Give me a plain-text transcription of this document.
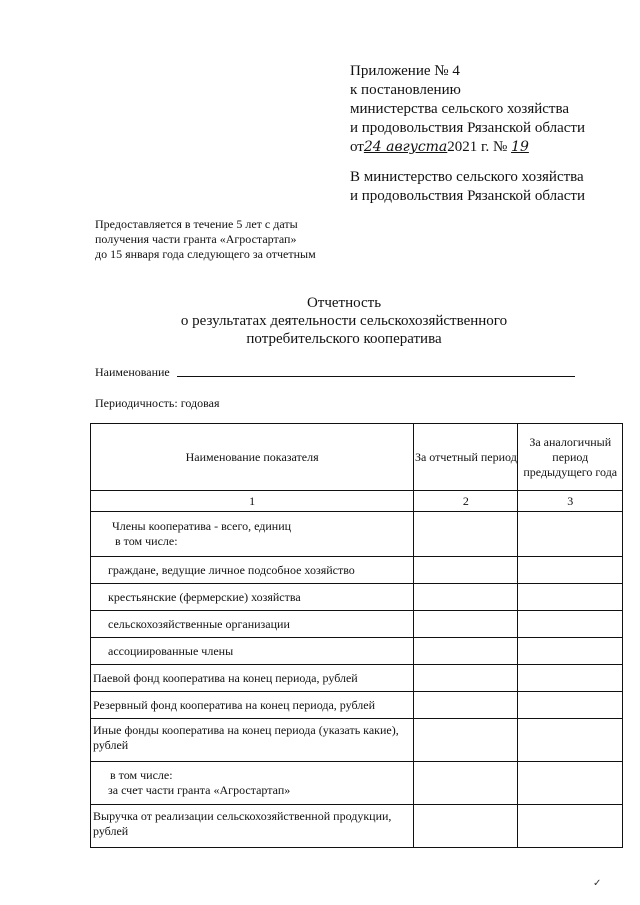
Приложение № 4
к постановлению
министерства сельского хозяйства
и продовольствия Рязанской области
от24 августа2021 г. № 19
В министерство сельского хозяйства
и продовольствия Рязанской области
Предоставляется в течение 5 лет с даты
получения части гранта «Агростартап»
до 15 января года следующего за отчетным
Отчетность
о результатах деятельности сельскохозяйственного
потребительского кооператива
Наименование
Периодичность: годовая
Наименование показателя	За отчетный период	За аналогичный период предыдущего года
1	2	3

Члены кооператива - всего, единиц
в том числе:		

граждане, ведущие личное подсобное хозяйство		
крестьянские (фермерские) хозяйства		
сельскохозяйственные организации		
ассоциированные члены		
Паевой фонд кооператива на конец периода, рублей		
Резервный фонд кооператива на конец периода, рублей		
Иные фонды кооператива на конец периода (указать какие), рублей		

в том числе:
за счет части гранта «Агростартап»		

Выручка от реализации сельскохозяйственной продукции, рублей		
✓
